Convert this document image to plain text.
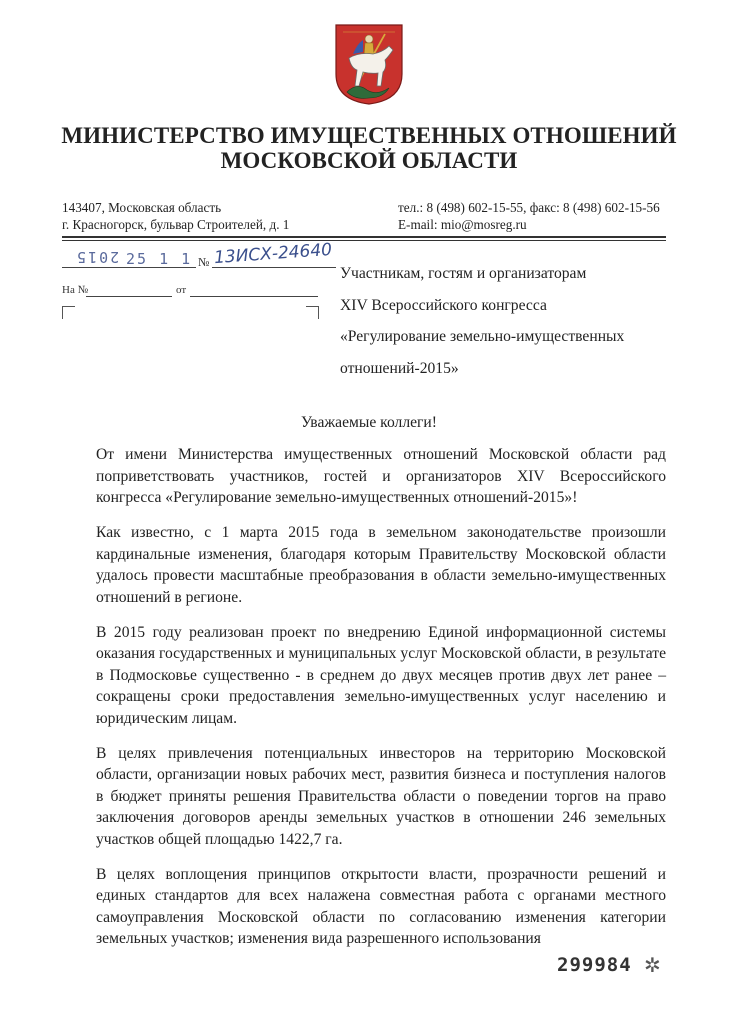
МИНИСТЕРСТВО ИМУЩЕСТВЕННЫХ ОТНОШЕНИЙ
МОСКОВСКОЙ ОБЛАСТИ
143407, Московская область
г. Красногорск, бульвар Строителей, д. 1
тел.: 8 (498) 602-15-55, факс: 8 (498) 602-15-56
E-mail: mio@mosreg.ru
2015 25 1 1 № 13ИСХ-24640
На №	от
Участникам, гостям и организаторам
XIV Всероссийского конгресса
«Регулирование земельно-имущественных
отношений-2015»
Уважаемые коллеги!

От имени Министерства имущественных отношений Московской области рад поприветствовать участников, гостей и организаторов XIV Всероссийского конгресса «Регулирование земельно-имущественных отношений-2015»!

Как известно, с 1 марта 2015 года в земельном законодательстве произошли кардинальные изменения, благодаря которым Правительству Московской области удалось провести масштабные преобразования в области земельно-имущественных отношений в регионе.

В 2015 году реализован проект по внедрению Единой информационной системы оказания государственных и муниципальных услуг Московской области, в результате в Подмосковье существенно - в среднем до двух месяцев против двух лет ранее – сокращены сроки предоставления земельно-имущественных услуг населению и юридическим лицам.

В целях привлечения потенциальных инвесторов на территорию Московской области, организации новых рабочих мест, развития бизнеса и поступления налогов в бюджет приняты решения Правительства области о поведении торгов на право заключения договоров аренды земельных участков в отношении 246 земельных участков общей площадью 1422,7 га.

В целях воплощения принципов открытости власти, прозрачности решений и единых стандартов для всех налажена совместная работа с органами местного самоуправления Московской области по согласованию изменения категории земельных участков; изменения вида разрешенного использования

299984 ✲
